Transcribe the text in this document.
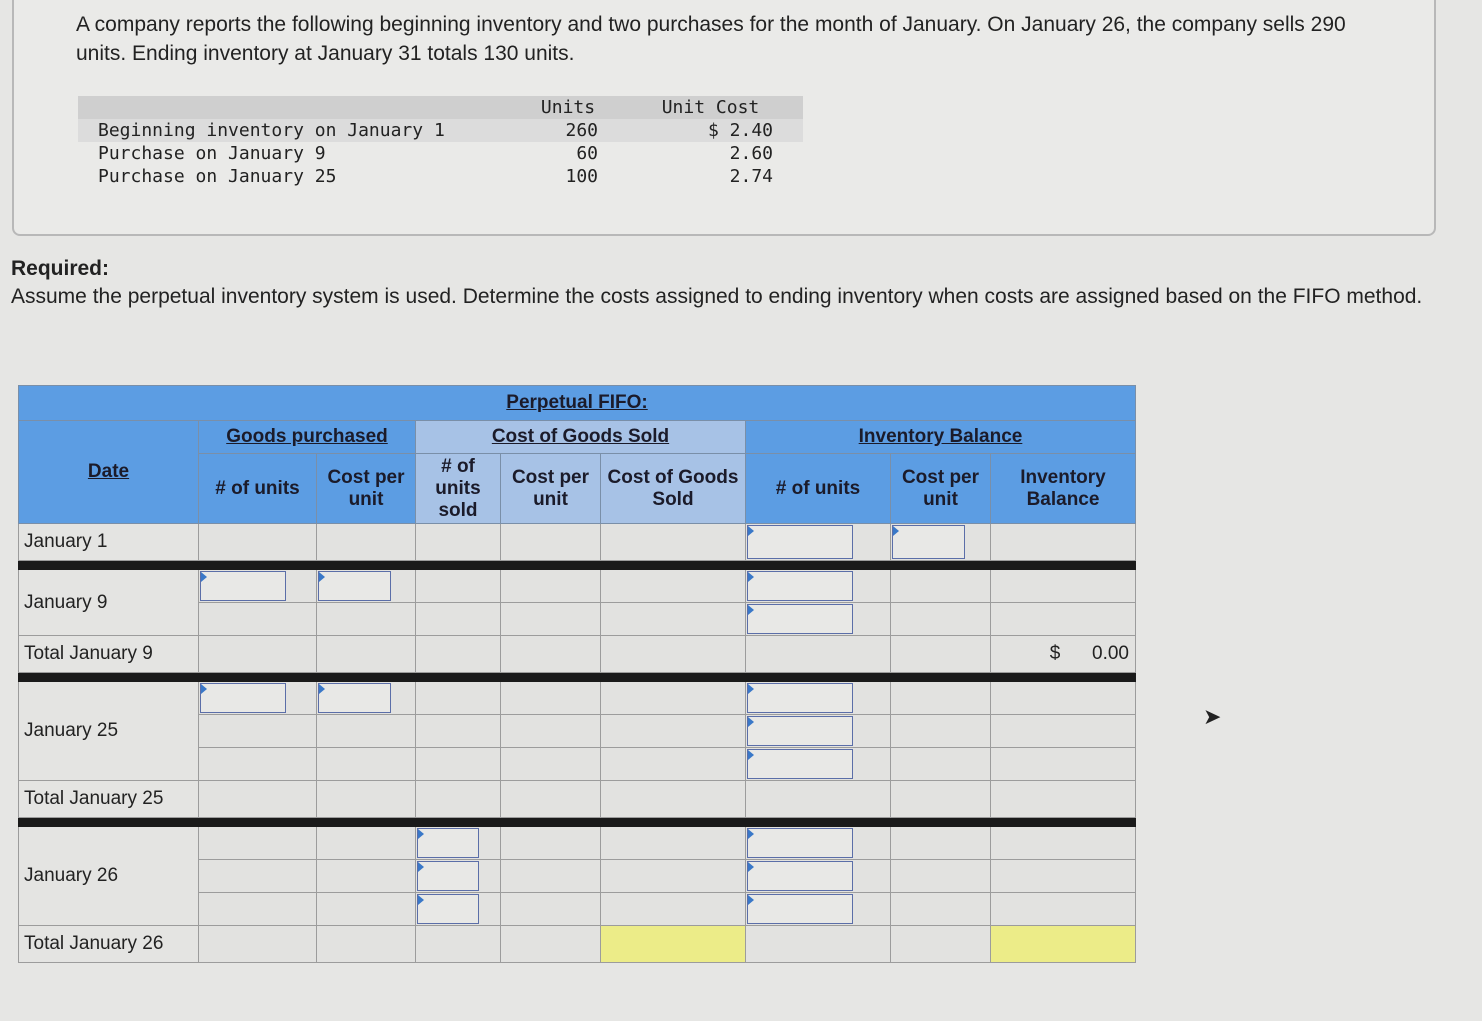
A company reports the following beginning inventory and two purchases for the month of January. On January 26, the company sells 290 units. Ending inventory at January 31 totals 130 units.
	Units	Unit Cost
Beginning inventory on January 1	260	$ 2.40
Purchase on January 9	60	2.60
Purchase on January 25	100	2.74
Required:
Assume the perpetual inventory system is used. Determine the costs assigned to ending inventory when costs are assigned based on the FIFO method.
Perpetual FIFO:								
Date	Goods purchased		Cost of Goods Sold			Inventory Balance		
	# of units	Cost per unit	# of units sold	Cost per unit	Cost of Goods Sold	# of units	Cost per unit	Inventory Balance
January 1						

January 9	

Total January 9								$      0.00

January 25	

Total January 25								

January 26			

Total January 26								
➤
